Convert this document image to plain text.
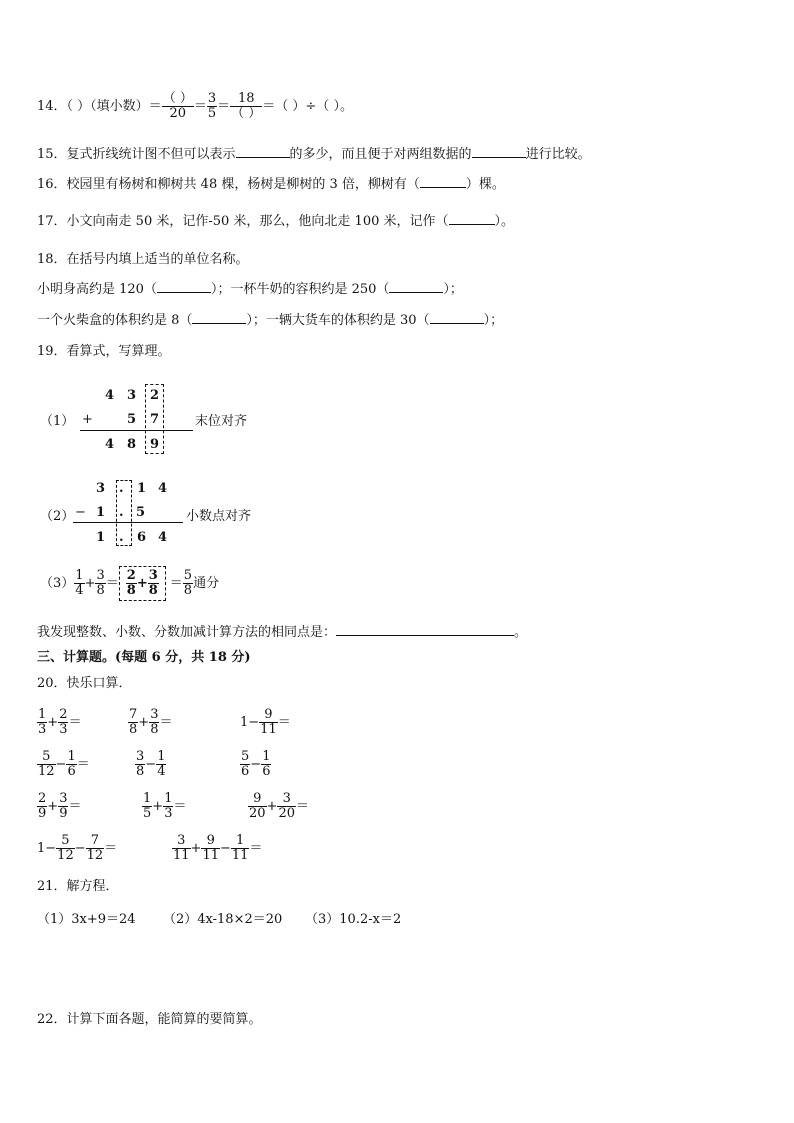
14．（ ）（填小数）＝ $\frac{( )}{20} = \frac{3}{5} = \frac{18}{( )}$ ＝（ ）÷（ ）。
15．复式折线统计图不但可以表示	的多少，而且便于对两组数据的	进行比较。
16．校园里有杨树和柳树共 48 棵，杨树是柳树的 3 倍，柳树有（	）棵。
17．小文向南走 50 米，记作-50 米，那么，他向北走 100 米，记作（	）。
18．在括号内填上适当的单位名称。
小明身高约是 120（	）；一杯牛奶的容积约是 250（	）；
一个火柴盒的体积约是 8（	）；一辆大货车的体积约是 30（	）；
19．看算式，写算理。
（1）
4 3 2
+	5 7
4 8 9
末位对齐
（2）
3 . 1 4
− 1 . 5
1 . 6 4
小数点对齐
$(3) \frac{1}{4} + \frac{3}{8} = \frac{2}{8} + \frac{3}{8} = \frac{5}{8}$ 通分
我发现整数、小数、分数加减计算方法的相同点是：	。
三、计算题。(每题 6 分，共 18 分)
20．快乐口算．
$\frac{1}{3} + \frac{2}{3}$ ＝	$\frac{7}{8} + \frac{3}{8}$ ＝	$1- \frac{9}{11}$ ＝
$\frac{5}{12} - \frac{1}{6}$ ＝	$\frac{3}{8} - \frac{1}{4}$	$\frac{5}{6} - \frac{1}{6}$
$\frac{2}{9} + \frac{3}{9}$ ＝	$\frac{1}{5} + \frac{1}{3}$ ＝	$\frac{9}{20} + \frac{3}{20}$ ＝
$1- \frac{5}{12} - \frac{7}{12}$ ＝	$\frac{3}{11} + \frac{9}{11} - \frac{1}{11}$ ＝
21．解方程．
（1）3x+9＝24 （2）4x-18×2＝20 （3）10.2-x＝2
22．计算下面各题，能简算的要简算。
